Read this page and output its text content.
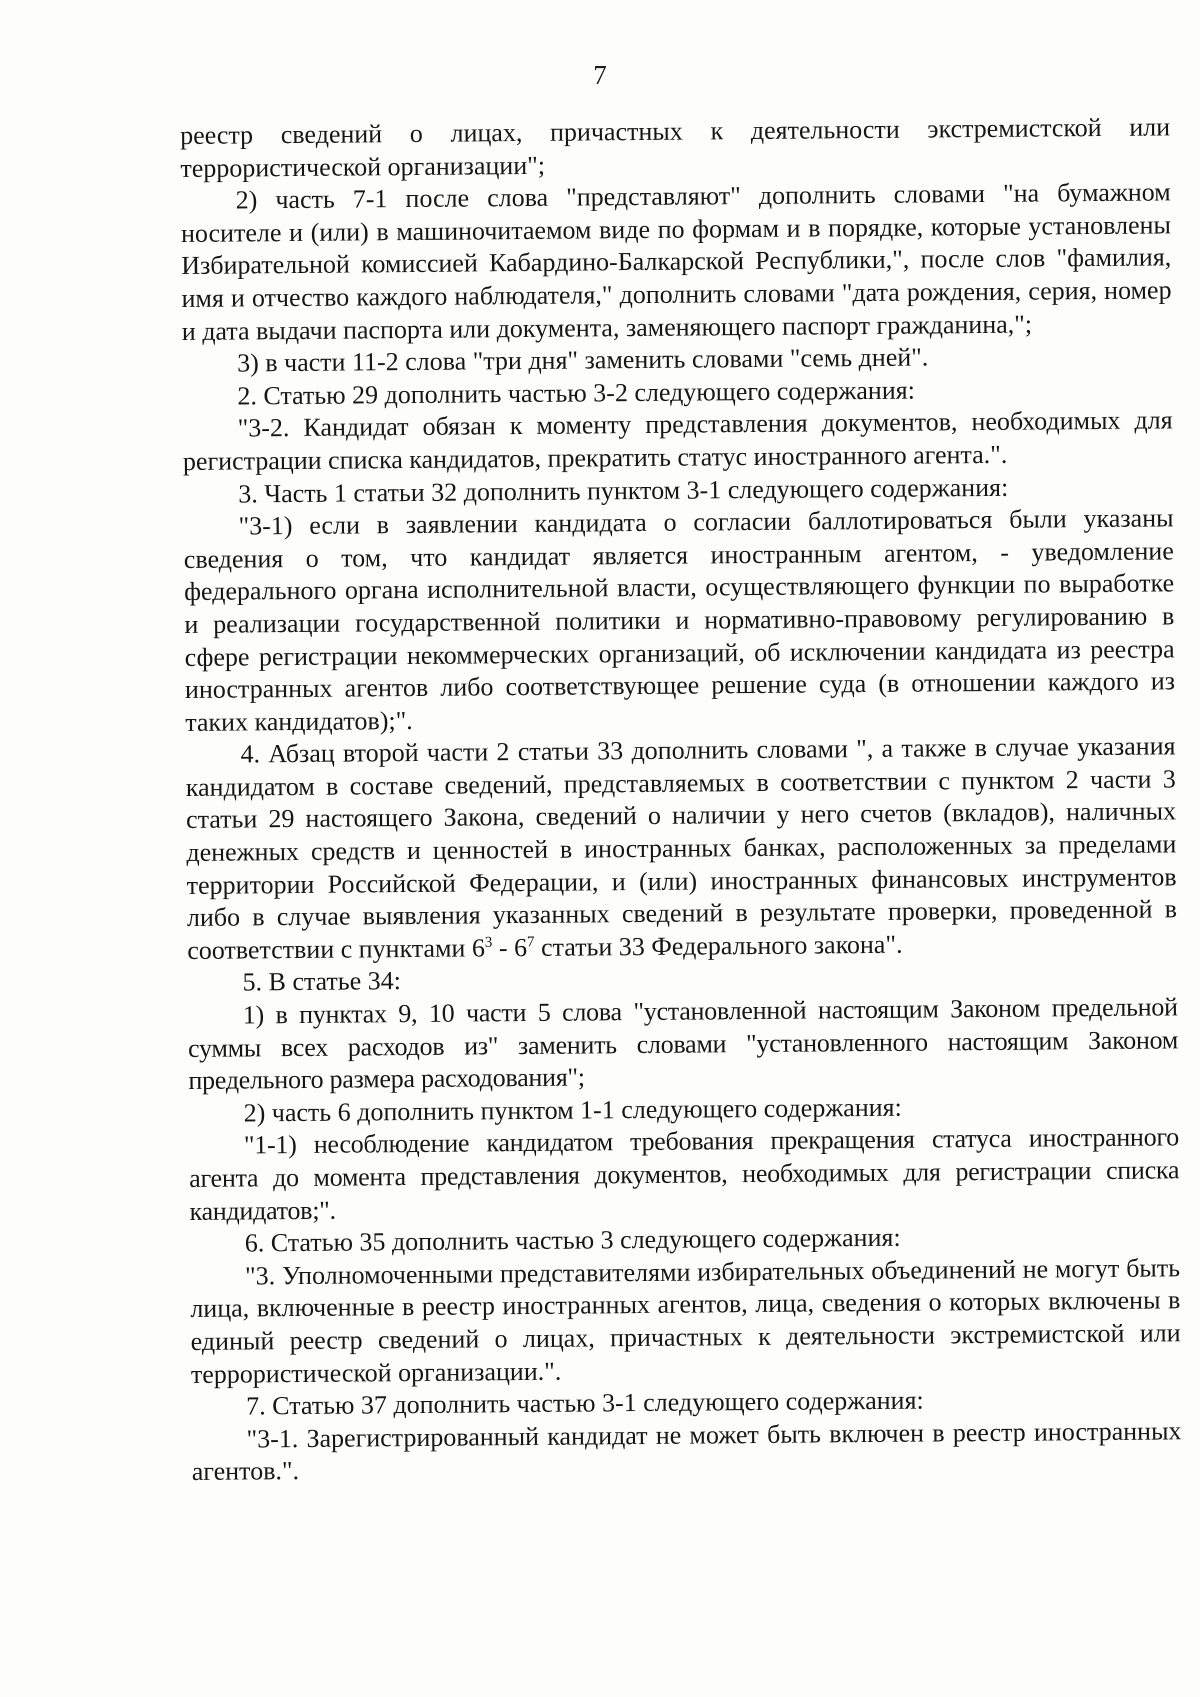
7

реестр сведений о лицах, причастных к деятельности экстремистской или террористической организации";

2) часть 7-1 после слова "представляют" дополнить словами "на бумажном носителе и (или) в машиночитаемом виде по формам и в порядке, которые установлены Избирательной комиссией Кабардино-Балкарской Республики,", после слов "фамилия, имя и отчество каждого наблюдателя," дополнить словами "дата рождения, серия, номер и дата выдачи паспорта или документа, заменяющего паспорт гражданина,";

3) в части 11-2 слова "три дня" заменить словами "семь дней".

2. Статью 29 дополнить частью 3-2 следующего содержания:

"3-2. Кандидат обязан к моменту представления документов, необходимых для регистрации списка кандидатов, прекратить статус иностранного агента.".

3. Часть 1 статьи 32 дополнить пунктом 3-1 следующего содержания:

"3-1) если в заявлении кандидата о согласии баллотироваться были указаны сведения о том, что кандидат является иностранным агентом, - уведомление федерального органа исполнительной власти, осуществляющего функции по выработке и реализации государственной политики и нормативно-правовому регулированию в сфере регистрации некоммерческих организаций, об исключении кандидата из реестра иностранных агентов либо соответствующее решение суда (в отношении каждого из таких кандидатов);".

4. Абзац второй части 2 статьи 33 дополнить словами ", а также в случае указания кандидатом в составе сведений, представляемых в соответствии с пунктом 2 части 3 статьи 29 настоящего Закона, сведений о наличии у него счетов (вкладов), наличных денежных средств и ценностей в иностранных банках, расположенных за пределами территории Российской Федерации, и (или) иностранных финансовых инструментов либо в случае выявления указанных сведений в результате проверки, проведенной в соответствии с пунктами $6^3 - 6^7$ статьи 33 Федерального закона".

5. В статье 34:

1) в пунктах 9, 10 части 5 слова "установленной настоящим Законом предельной суммы всех расходов из" заменить словами "установленного настоящим Законом предельного размера расходования";

2) часть 6 дополнить пунктом 1-1 следующего содержания:

"1-1) несоблюдение кандидатом требования прекращения статуса иностранного агента до момента представления документов, необходимых для регистрации списка кандидатов;".

6. Статью 35 дополнить частью 3 следующего содержания:

"3. Уполномоченными представителями избирательных объединений не могут быть лица, включенные в реестр иностранных агентов, лица, сведения о которых включены в единый реестр сведений о лицах, причастных к деятельности экстремистской или террористической организации.".

7. Статью 37 дополнить частью 3-1 следующего содержания:

"3-1. Зарегистрированный кандидат не может быть включен в реестр иностранных агентов.".
